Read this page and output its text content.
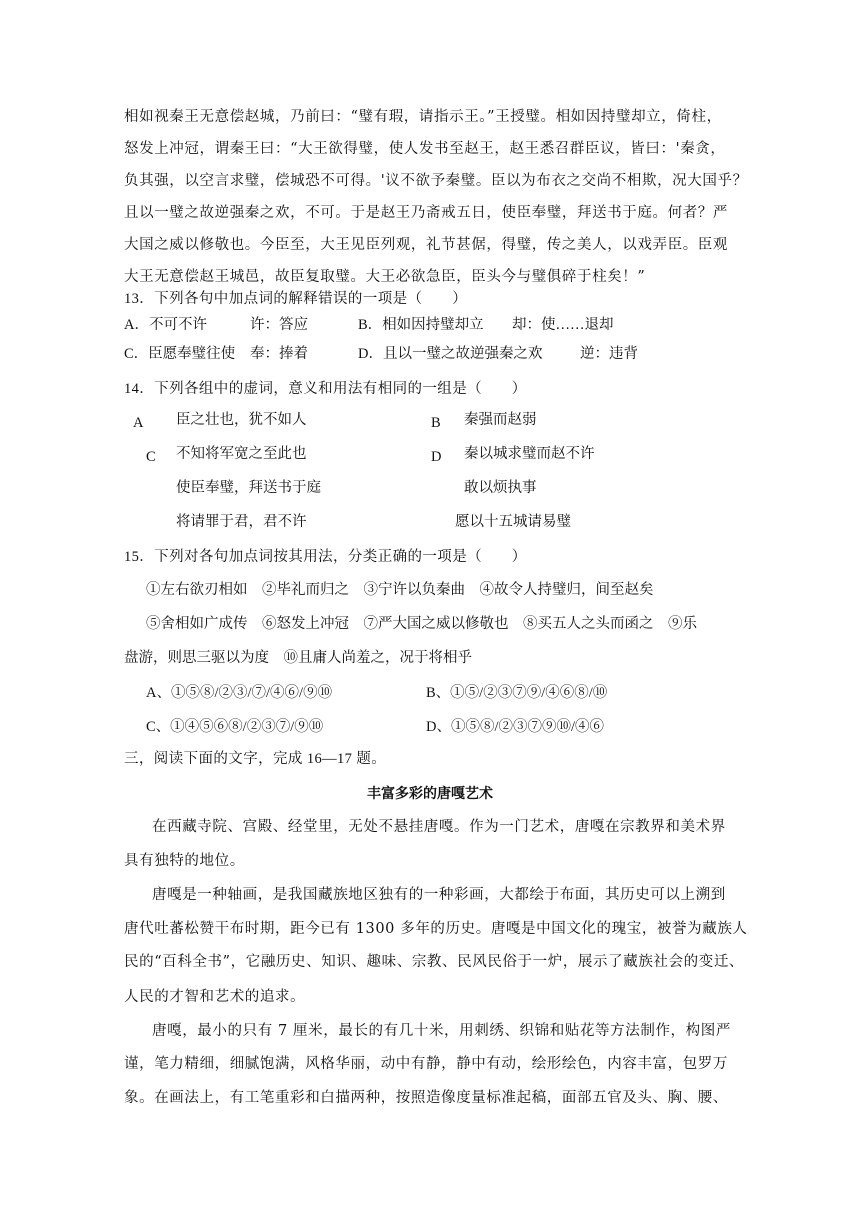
相如视秦王无意偿赵城，乃前曰：“璧有瑕，请指示王。”王授璧。相如因持璧却立，倚柱，
怒发上冲冠，谓秦王曰：“大王欲得璧，使人发书至赵王，赵王悉召群臣议，皆曰：'秦贪，
负其强，以空言求璧，偿城恐不可得。'议不欲予秦璧。臣以为布衣之交尚不相欺，况大国乎？
且以一璧之故逆强秦之欢，不可。于是赵王乃斋戒五日，使臣奉璧，拜送书于庭。何者？严
大国之威以修敬也。今臣至，大王见臣列观，礼节甚倨，得璧，传之美人，以戏弄臣。臣观
大王无意偿赵王城邑，故臣复取璧。大王必欲急臣，臣头今与璧俱碎于柱矣！”
13．下列各句中加点词的解释错误的一项是（　　）
A．不可不许	许：答应	B．相如因持璧却立 却：使……退却
C．臣愿奉璧往使 奉：捧着	D．且以一璧之故逆强秦之欢	逆：违背
14．下列各组中的虚词，意义和用法有相同的一组是（　　）
A 臣之壮也，犹不如人	B 秦强而赵弱
C 不知将军宽之至此也	D 秦以城求璧而赵不许
使臣奉璧，拜送书于庭	敢以烦执事
将请罪于君，君不许	愿以十五城请易璧
15．下列对各句加点词按其用法，分类正确的一项是（　　）
①左右欲刃相如　②毕礼而归之　③宁许以负秦曲　④故令人持璧归，间至赵矣
⑤舍相如广成传　⑥怒发上冲冠　⑦严大国之威以修敬也　⑧买五人之头而函之　⑨乐
盘游，则思三驱以为度　⑩且庸人尚羞之，况于将相乎
A、①⑤⑧/②③/⑦/④⑥/⑨⑩	B、①⑤/②③⑦⑨/④⑥⑧/⑩
C、①④⑤⑥⑧/②③⑦/⑨⑩	D、①⑤⑧/②③⑦⑨⑩/④⑥
三，阅读下面的文字，完成 16—17 题。
丰富多彩的唐嘎艺术
在西藏寺院、宫殿、经堂里，无处不悬挂唐嘎。作为一门艺术，唐嘎在宗教界和美术界
具有独特的地位。
唐嘎是一种轴画，是我国藏族地区独有的一种彩画，大都绘于布面，其历史可以上溯到
唐代吐蕃松赞干布时期，距今已有 1300 多年的历史。唐嘎是中国文化的瑰宝，被誉为藏族人
民的“百科全书”，它融历史、知识、趣味、宗教、民风民俗于一炉，展示了藏族社会的变迁、
人民的才智和艺术的追求。
唐嘎，最小的只有 7 厘米，最长的有几十米，用刺绣、织锦和贴花等方法制作，构图严
谨，笔力精细，细腻饱满，风格华丽，动中有静，静中有动，绘形绘色，内容丰富，包罗万
象。在画法上，有工笔重彩和白描两种，按照造像度量标准起稿，面部五官及头、胸、腰、
